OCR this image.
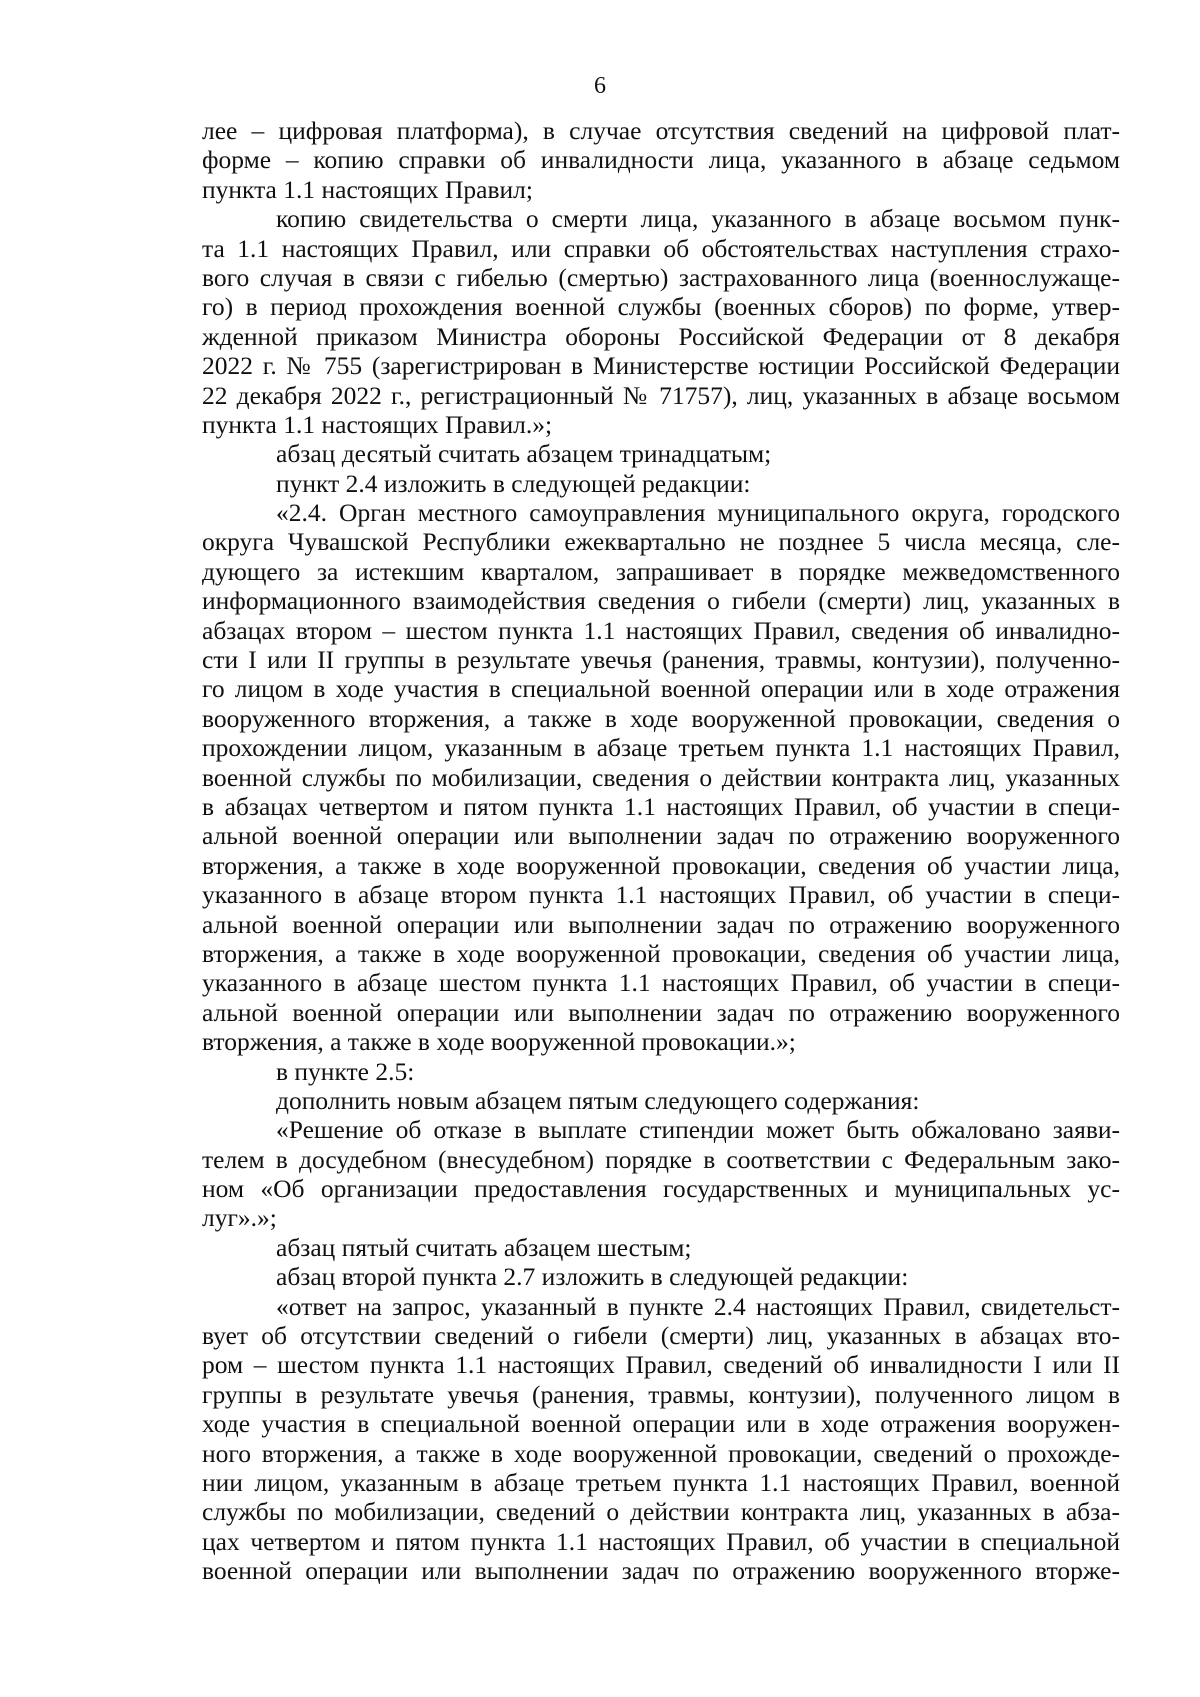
6
лее – цифровая платформа), в случае отсутствия сведений на цифровой плат-
форме – копию справки об инвалидности лица, указанного в абзаце седьмом
пункта 1.1 настоящих Правил;
копию свидетельства о смерти лица, указанного в абзаце восьмом пунк-
та 1.1 настоящих Правил, или справки об обстоятельствах наступления страхо-
вого случая в связи с гибелью (смертью) застрахованного лица (военнослужаще-
го) в период прохождения военной службы (военных сборов) по форме, утвер-
жденной приказом Министра обороны Российской Федерации от 8 декабря
2022 г. № 755 (зарегистрирован в Министерстве юстиции Российской Федерации
22 декабря 2022 г., регистрационный № 71757), лиц, указанных в абзаце восьмом
пункта 1.1 настоящих Правил.»;
абзац десятый считать абзацем тринадцатым;
пункт 2.4 изложить в следующей редакции:
«2.4. Орган местного самоуправления муниципального округа, городского
округа Чувашской Республики ежеквартально не позднее 5 числа месяца, сле-
дующего за истекшим кварталом, запрашивает в порядке межведомственного
информационного взаимодействия сведения о гибели (смерти) лиц, указанных в
абзацах втором – шестом пункта 1.1 настоящих Правил, сведения об инвалидно-
сти I или II группы в результате увечья (ранения, травмы, контузии), полученно-
го лицом в ходе участия в специальной военной операции или в ходе отражения
вооруженного вторжения, а также в ходе вооруженной провокации, сведения о
прохождении лицом, указанным в абзаце третьем пункта 1.1 настоящих Правил,
военной службы по мобилизации, сведения о действии контракта лиц, указанных
в абзацах четвертом и пятом пункта 1.1 настоящих Правил, об участии в специ-
альной военной операции или выполнении задач по отражению вооруженного
вторжения, а также в ходе вооруженной провокации, сведения об участии лица,
указанного в абзаце втором пункта 1.1 настоящих Правил, об участии в специ-
альной военной операции или выполнении задач по отражению вооруженного
вторжения, а также в ходе вооруженной провокации, сведения об участии лица,
указанного в абзаце шестом пункта 1.1 настоящих Правил, об участии в специ-
альной военной операции или выполнении задач по отражению вооруженного
вторжения, а также в ходе вооруженной провокации.»;
в пункте 2.5:
дополнить новым абзацем пятым следующего содержания:
«Решение об отказе в выплате стипендии может быть обжаловано заяви-
телем в досудебном (внесудебном) порядке в соответствии с Федеральным зако-
ном «Об организации предоставления государственных и муниципальных ус-
луг».»;
абзац пятый считать абзацем шестым;
абзац второй пункта 2.7 изложить в следующей редакции:
«ответ на запрос, указанный в пункте 2.4 настоящих Правил, свидетельст-
вует об отсутствии сведений о гибели (смерти) лиц, указанных в абзацах вто-
ром – шестом пункта 1.1 настоящих Правил, сведений об инвалидности I или II
группы в результате увечья (ранения, травмы, контузии), полученного лицом в
ходе участия в специальной военной операции или в ходе отражения вооружен-
ного вторжения, а также в ходе вооруженной провокации, сведений о прохожде-
нии лицом, указанным в абзаце третьем пункта 1.1 настоящих Правил, военной
службы по мобилизации, сведений о действии контракта лиц, указанных в абза-
цах четвертом и пятом пункта 1.1 настоящих Правил, об участии в специальной
военной операции или выполнении задач по отражению вооруженного вторже-
